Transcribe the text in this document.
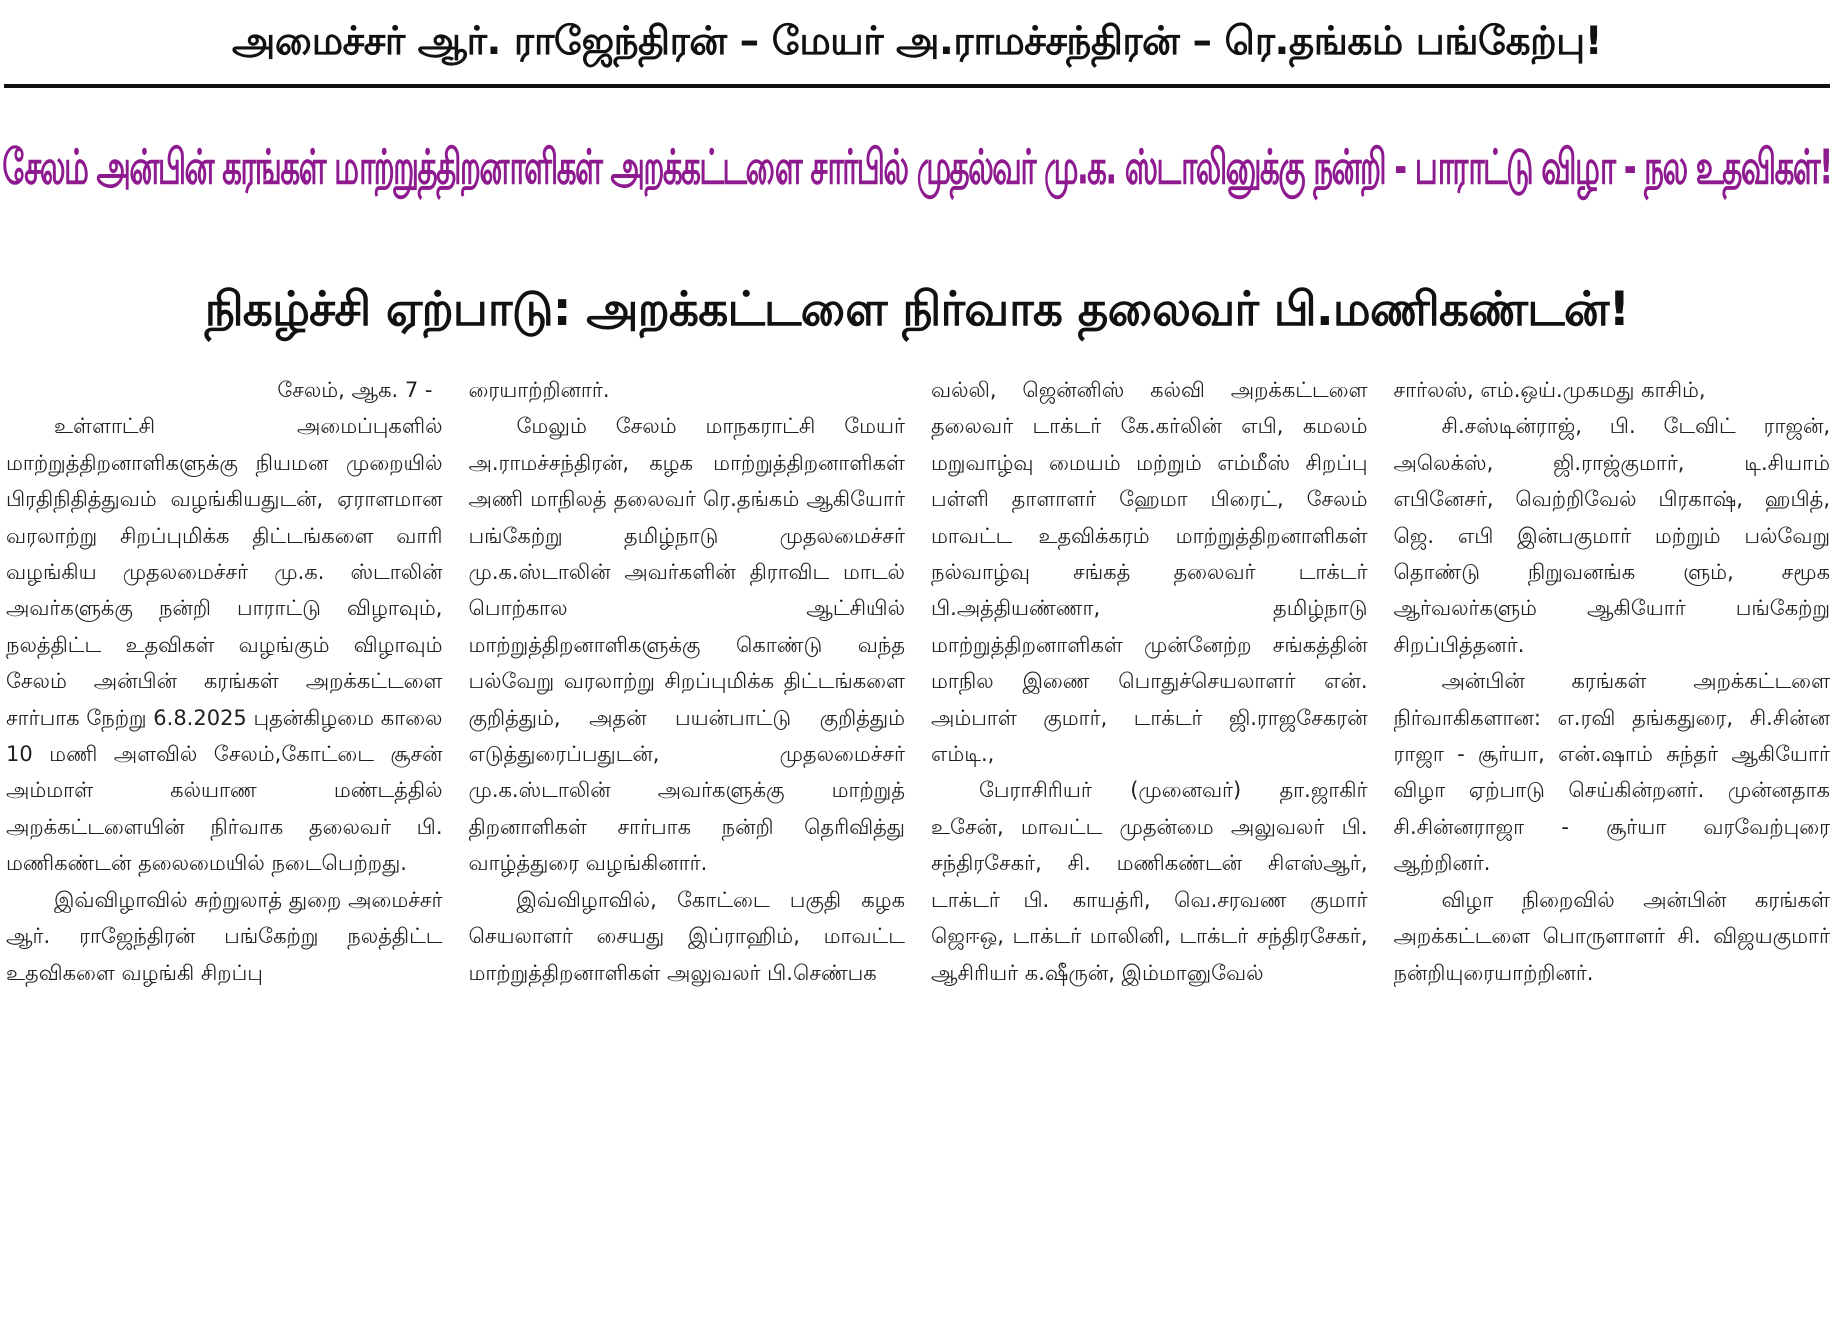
அமைச்சர் ஆர். ராஜேந்திரன் – மேயர் அ.ராமச்சந்திரன் – ரெ.தங்கம் பங்கேற்பு!
சேலம் அன்பின் கரங்கள் மாற்றுத்திறனாளிகள் அறக்கட்டளை சார்பில் முதல்வர் மு.க. ஸ்டாலினுக்கு நன்றி - பாராட்டு விழா - நல உதவிகள்!
நிகழ்ச்சி ஏற்பாடு: அறக்கட்டளை நிர்வாக தலைவர் பி.மணிகண்டன்!

சேலம், ஆக. 7 -

உள்ளாட்சி அமைப்புகளில் மாற்றுத்திறனாளிகளுக்கு நியமன முறையில் பிரதிநிதித்துவம் வழங்கியதுடன், ஏராளமான வரலாற்று சிறப்புமிக்க திட்டங்களை வாரி வழங்கிய முதலமைச்சர் மு.க. ஸ்டாலின் அவர்களுக்கு நன்றி பாராட்டு விழாவும், நலத்திட்ட உதவிகள் வழங்கும் விழாவும் சேலம் அன்பின் கரங்கள் அறக்கட்டளை சார்பாக நேற்று 6.8.2025 புதன்கிழமை காலை 10 மணி அளவில் சேலம்,கோட்டை சூசன் அம்மாள் கல்யாண மண்டத்தில் அறக்கட்டளையின் நிர்வாக தலைவர் பி. மணிகண்டன் தலைமையில் நடைபெற்றது.

இவ்விழாவில் சுற்றுலாத் துறை அமைச்சர் ஆர். ராஜேந்திரன் பங்கேற்று நலத்திட்ட உதவிகளை வழங்கி சிறப்பு

ரையாற்றினார்.

மேலும் சேலம் மாநகராட்சி மேயர் அ.ராமச்சந்திரன், கழக மாற்றுத்திறனாளிகள் அணி மாநிலத் தலைவர் ரெ.தங்கம் ஆகியோர் பங்கேற்று தமிழ்நாடு முதலமைச்சர் மு.க.ஸ்டாலின் அவர்களின் திராவிட மாடல் பொற்கால ஆட்சியில் மாற்றுத்திறனாளிகளுக்கு கொண்டு வந்த பல்வேறு வரலாற்று சிறப்புமிக்க திட்டங்களை குறித்தும், அதன் பயன்பாட்டு குறித்தும் எடுத்துரைப்பதுடன், முதலமைச்சர் மு.க.ஸ்டாலின் அவர்களுக்கு மாற்றுத் திறனாளிகள் சார்பாக நன்றி தெரிவித்து வாழ்த்துரை வழங்கினார்.

இவ்விழாவில், கோட்டை பகுதி கழக செயலாளர் சையது இப்ராஹிம், மாவட்ட மாற்றுத்திறனாளிகள் அலுவலர் பி.செண்பக

வல்லி, ஜென்னிஸ் கல்வி அறக்கட்டளை தலைவர் டாக்டர் கே.கர்லின் எபி, கமலம் மறுவாழ்வு மையம் மற்றும் எம்மீஸ் சிறப்பு பள்ளி தாளாளர் ஹேமா பிரைட், சேலம் மாவட்ட உதவிக்கரம் மாற்றுத்திறனாளிகள் நல்வாழ்வு சங்கத் தலைவர் டாக்டர் பி.அத்தியண்ணா, தமிழ்நாடு மாற்றுத்திறனாளிகள் முன்னேற்ற சங்கத்தின் மாநில இணை பொதுச்செயலாளர் என். அம்பாள் குமார், டாக்டர் ஜி.ராஜசேகரன் எம்டி.,

பேராசிரியர் (முனைவர்) தா.ஜாகிர் உசேன், மாவட்ட முதன்மை அலுவலர் பி. சந்திரசேகர், சி. மணிகண்டன் சிஎஸ்ஆர், டாக்டர் பி. காயத்ரி, வெ.சரவண குமார் ஜெஈஒ, டாக்டர் மாலினி, டாக்டர் சந்திரசேகர், ஆசிரியர் க.ஷீருன், இம்மானுவேல்

சார்லஸ், எம்.ஒய்.முகமது காசிம்,

சி.சஸ்டின்ராஜ், பி. டேவிட் ராஜன், அலெக்ஸ், ஜி.ராஜ்குமார், டி.சியாம் எபினேசர், வெற்றிவேல் பிரகாஷ், ஹபித், ஜெ. எபி இன்பகுமார் மற்றும் பல்வேறு தொண்டு நிறுவனங்க ளும், சமூக ஆர்வலர்களும் ஆகியோர் பங்கேற்று சிறப்பித்தனர்.

அன்பின் கரங்கள் அறக்கட்டளை நிர்வாகிகளான: எ.ரவி தங்கதுரை, சி.சின்ன ராஜா - சூர்யா, என்.ஷாம் சுந்தர் ஆகியோர் விழா ஏற்பாடு செய்கின்றனர். முன்னதாக சி.சின்னராஜா - சூர்யா வரவேற்புரை ஆற்றினர்.

விழா நிறைவில் அன்பின் கரங்கள் அறக்கட்டளை பொருளாளர் சி. விஜயகுமார் நன்றியுரையாற்றினர்.
